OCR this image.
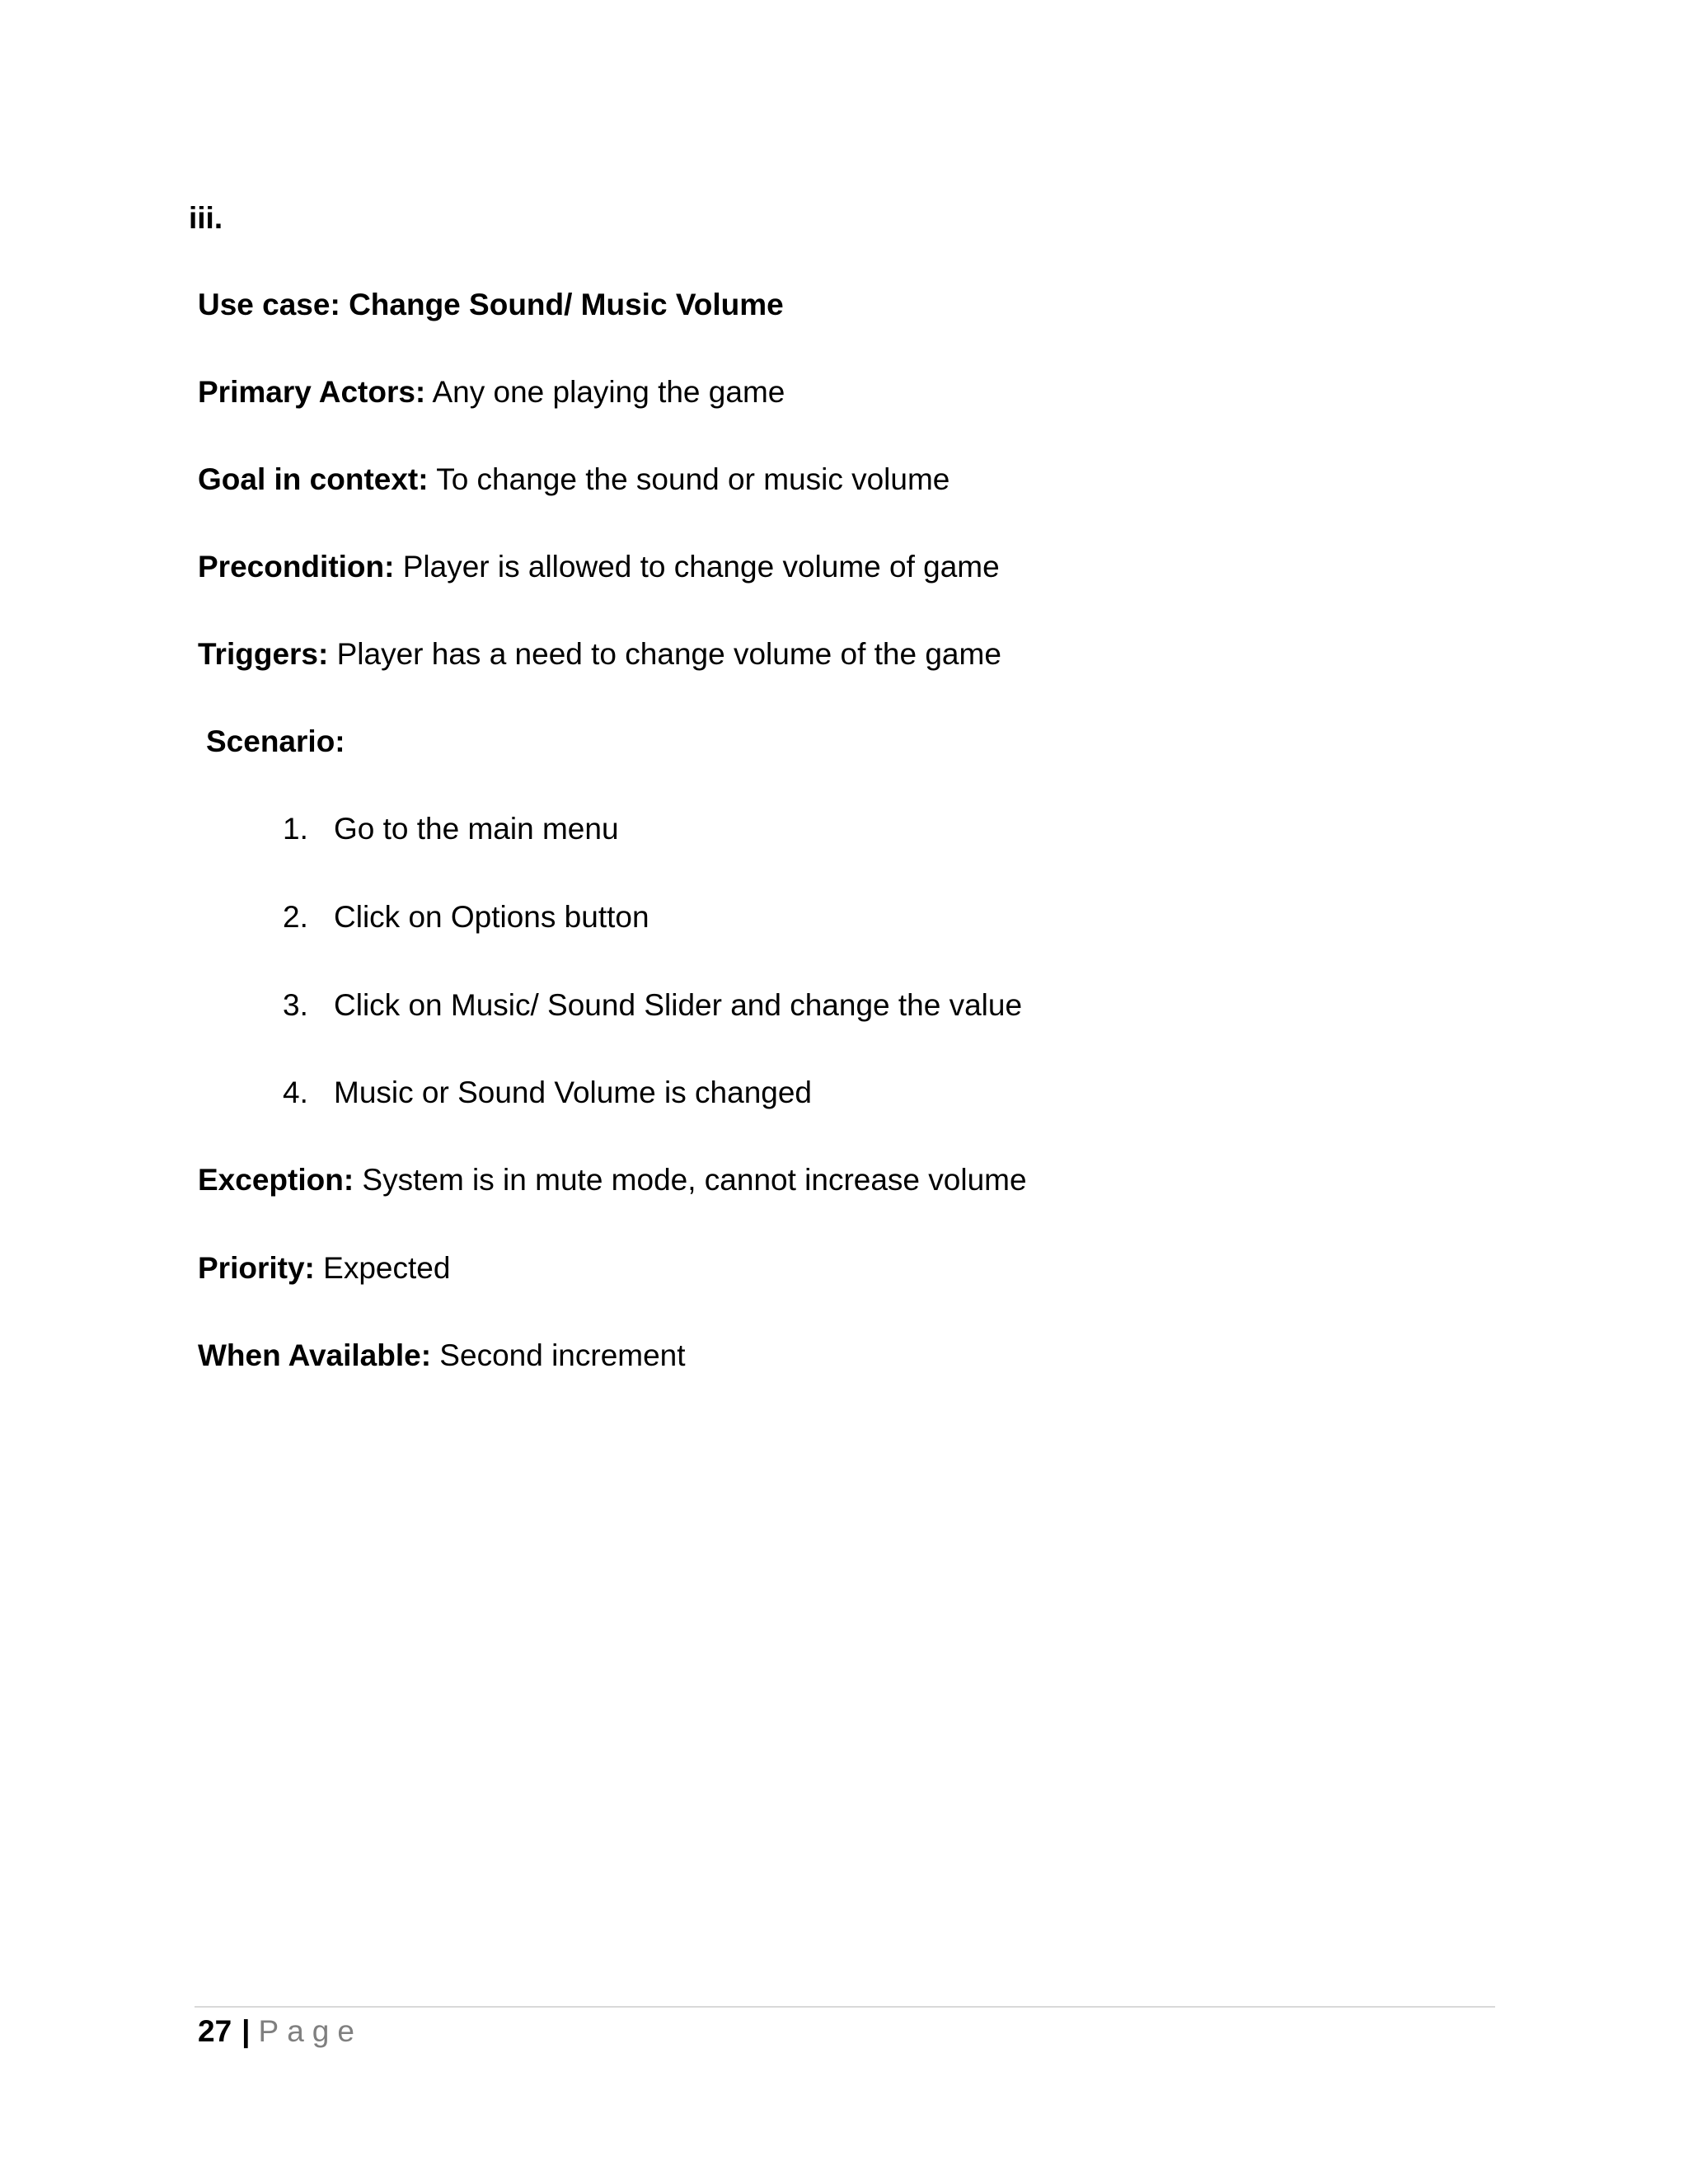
iii.
Use case: Change Sound/ Music Volume
Primary Actors: Any one playing the game
Goal in context: To change the sound or music volume
Precondition: Player is allowed to change volume of game
Triggers: Player has a need to change volume of the game
Scenario:
1. Go to the main menu
2. Click on Options button
3. Click on Music/ Sound Slider and change the value
4. Music or Sound Volume is changed
Exception: System is in mute mode, cannot increase volume
Priority: Expected
When Available: Second increment
27 | Page
